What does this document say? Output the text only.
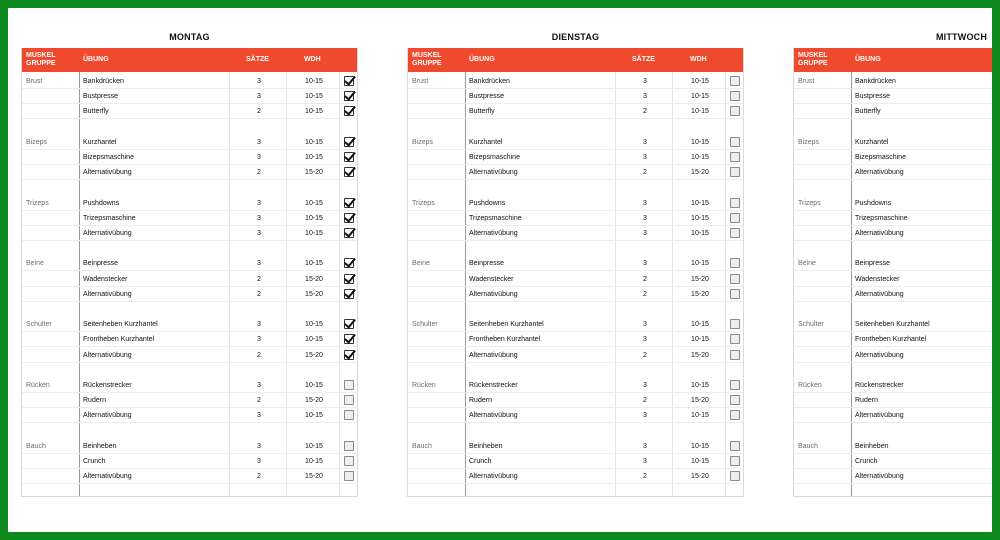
MONTAG
MUSKEL
GRUPPE
ÜBUNG	SÄTZE	WDH
Brust	Bankdrücken	3	10-15
Bustpresse	3	10-15
Butterfly	2	10-15
Bizeps	Kurzhantel	3	10-15
Bizepsmaschine	3	10-15
Alternativübung	2	15-20
Trizeps	Pushdowns	3	10-15
Trizepsmaschine	3	10-15
Alternativübung	3	10-15
Beine	Beinpresse	3	10-15
Wadenstecker	2	15-20
Alternativübung	2	15-20
Schulter	Seitenheben Kurzhantel	3	10-15
Frontheben Kurzhantel	3	10-15
Alternativübung	2	15-20
Rücken	Rückenstrecker	3	10-15
Rudern	2	15-20
Alternativübung	3	10-15
Bauch	Beinheben	3	10-15
Crunch	3	10-15
Alternativübung	2	15-20
DIENSTAG
MUSKEL
GRUPPE
ÜBUNG	SÄTZE	WDH
Brust	Bankdrücken	3	10-15
Bustpresse	3	10-15
Butterfly	2	10-15
Bizeps	Kurzhantel	3	10-15
Bizepsmaschine	3	10-15
Alternativübung	2	15-20
Trizeps	Pushdowns	3	10-15
Trizepsmaschine	3	10-15
Alternativübung	3	10-15
Beine	Beinpresse	3	10-15
Wadenstecker	2	15-20
Alternativübung	2	15-20
Schulter	Seitenheben Kurzhantel	3	10-15
Frontheben Kurzhantel	3	10-15
Alternativübung	2	15-20
Rücken	Rückenstrecker	3	10-15
Rudern	2	15-20
Alternativübung	3	10-15
Bauch	Beinheben	3	10-15
Crunch	3	10-15
Alternativübung	2	15-20
MITTWOCH
MUSKEL
GRUPPE
ÜBUNG
Brust	Bankdrücken
Bustpresse
Butterfly
Bizeps	Kurzhantel
Bizepsmaschine
Alternativübung
Trizeps	Pushdowns
Trizepsmaschine
Alternativübung
Beine	Beinpresse
Wadenstecker
Alternativübung
Schulter	Seitenheben Kurzhantel
Frontheben Kurzhantel
Alternativübung
Rücken	Rückenstrecker
Rudern
Alternativübung
Bauch	Beinheben
Crunch
Alternativübung
